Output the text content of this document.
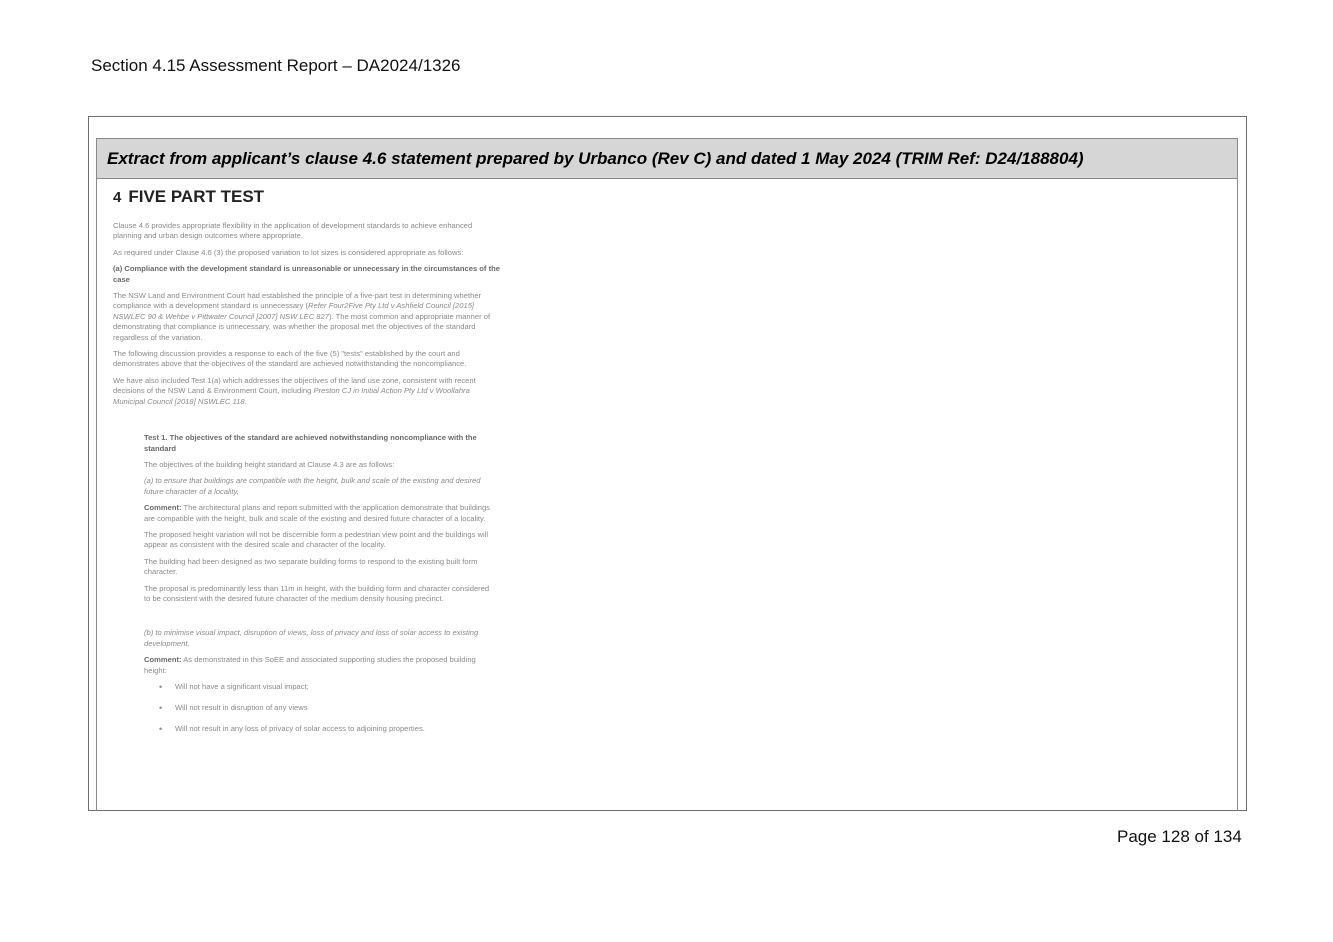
Section 4.15 Assessment Report – DA2024/1326
Extract from applicant’s clause 4.6 statement prepared by Urbanco (Rev C) and dated 1 May 2024 (TRIM Ref: D24/188804)
4 FIVE PART TEST

Clause 4.6 provides appropriate flexibility in the application of development standards to achieve enhanced planning and urban design outcomes where appropriate.

As required under Clause 4.6 (3) the proposed variation to lot sizes is considered appropriate as follows:

(a) Compliance with the development standard is unreasonable or unnecessary in the circumstances of the case

The NSW Land and Environment Court had established the principle of a five-part test in determining whether compliance with a development standard is unnecessary (Refer Four2Five Pty Ltd v Ashfield Council [2015] NSWLEC 90 & Wehbe v Pittwater Council [2007] NSW LEC 827). The most common and appropriate manner of demonstrating that compliance is unnecessary, was whether the proposal met the objectives of the standard regardless of the variation.

The following discussion provides a response to each of the five (5) "tests" established by the court and demonstrates above that the objectives of the standard are achieved notwithstanding the noncompliance.

We have also included Test 1(a) which addresses the objectives of the land use zone, consistent with recent decisions of the NSW Land & Environment Court, including Preston CJ in Initial Action Pty Ltd v Woollahra Municipal Council [2018] NSWLEC 118.

Test 1. The objectives of the standard are achieved notwithstanding noncompliance with the standard

The objectives of the building height standard at Clause 4.3 are as follows:

(a) to ensure that buildings are compatible with the height, bulk and scale of the existing and desired future character of a locality,

Comment: The architectural plans and report submitted with the application demonstrate that buildings are compatible with the height, bulk and scale of the existing and desired future character of a locality.

The proposed height variation will not be discernible form a pedestrian view point and the buildings will appear as consistent with the desired scale and character of the locality.

The building had been designed as two separate building forms to respond to the existing built form character.

The proposal is predominantly less than 11m in height, with the building form and character considered to be consistent with the desired future character of the medium density housing precinct.

(b) to minimise visual impact, disruption of views, loss of privacy and loss of solar access to existing development,

Comment: As demonstrated in this SoEE and associated supporting studies the proposed building height:

• Will not have a significant visual impact;
• Will not result in disruption of any views
• Will not result in any loss of privacy of solar access to adjoining properties.
Page 128 of 134
